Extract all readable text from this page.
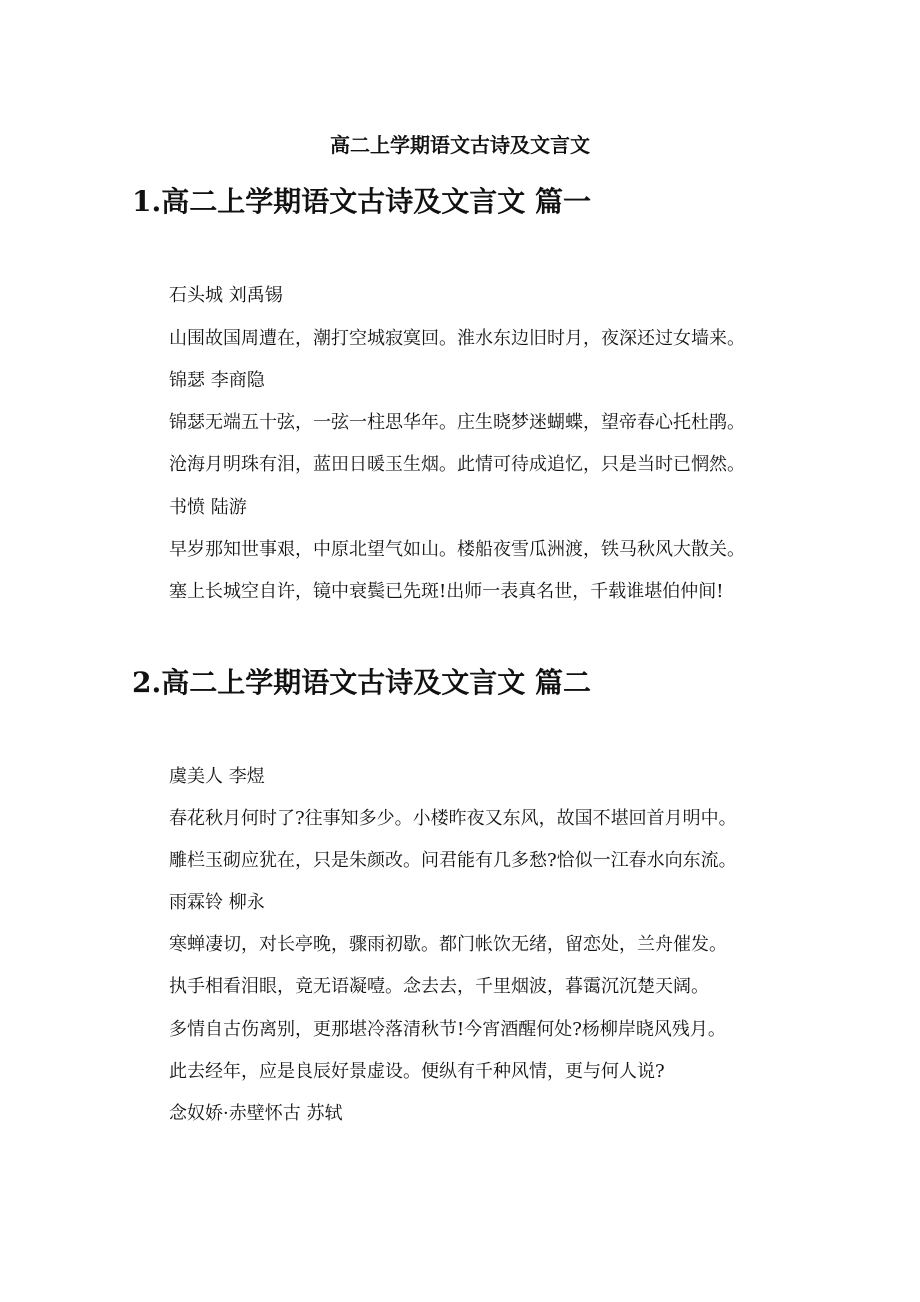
高二上学期语文古诗及文言文
1.高二上学期语文古诗及文言文 篇一

石头城 刘禹锡

山围故国周遭在，潮打空城寂寞回。淮水东边旧时月，夜深还过女墙来。

锦瑟 李商隐

锦瑟无端五十弦，一弦一柱思华年。庄生晓梦迷蝴蝶，望帝春心托杜鹃。

沧海月明珠有泪，蓝田日暖玉生烟。此情可待成追忆，只是当时已惘然。

书愤 陆游

早岁那知世事艰，中原北望气如山。楼船夜雪瓜洲渡，铁马秋风大散关。

塞上长城空自许，镜中衰鬓已先斑!出师一表真名世，千载谁堪伯仲间!

2.高二上学期语文古诗及文言文 篇二

虞美人 李煜

春花秋月何时了?往事知多少。小楼昨夜又东风，故国不堪回首月明中。

雕栏玉砌应犹在，只是朱颜改。问君能有几多愁?恰似一江春水向东流。

雨霖铃 柳永

寒蝉凄切，对长亭晚，骤雨初歇。都门帐饮无绪，留恋处，兰舟催发。

执手相看泪眼，竟无语凝噎。念去去，千里烟波，暮霭沉沉楚天阔。

多情自古伤离别，更那堪冷落清秋节!今宵酒醒何处?杨柳岸晓风残月。

此去经年，应是良辰好景虚设。便纵有千种风情，更与何人说?

念奴娇·赤壁怀古 苏轼
